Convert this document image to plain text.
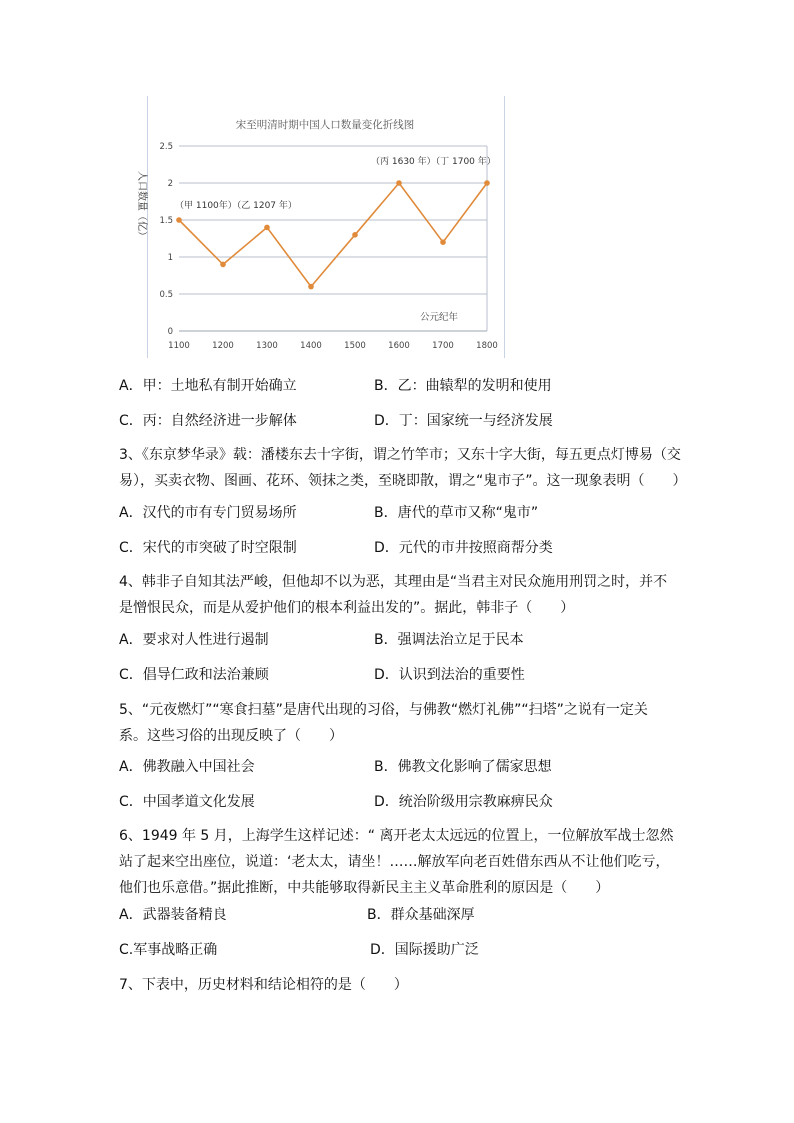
宋至明清时期中国人口数量变化折线图
0
0.5
1
1.5
2
2.5
1100	1200	1300	1400	1500	1600	1700	1800
公元纪年
人口数量（亿）	（甲 1100年）（乙 1207 年）
（丙 1630 年）（丁 1700 年）
A．甲：土地私有制开始确立	B．乙：曲辕犁的发明和使用
C．丙：自然经济进一步解体	D．丁：国家统一与经济发展

3、《东京梦华录》载：潘楼东去十字街，谓之竹竿市；又东十字大街，每五更点灯博易（交

易），买卖衣物、图画、花环、领抹之类，至晓即散，谓之“鬼市子”。这一现象表明（　　）

A．汉代的市有专门贸易场所	B．唐代的草市又称“鬼市”
C．宋代的市突破了时空限制	D．元代的市井按照商帮分类

4、韩非子自知其法严峻，但他却不以为恶，其理由是“当君主对民众施用刑罚之时，并不

是憎恨民众，而是从爱护他们的根本利益出发的”。据此，韩非子（　　）

A．要求对人性进行遏制	B．强调法治立足于民本
C．倡导仁政和法治兼顾	D．认识到法治的重要性

5、“元夜燃灯”“寒食扫墓”是唐代出现的习俗，与佛教“燃灯礼佛”“扫塔”之说有一定关

系。这些习俗的出现反映了（　　）

A．佛教融入中国社会	B．佛教文化影响了儒家思想
C．中国孝道文化发展	D．统治阶级用宗教麻痹民众

6、1949 年 5 月，上海学生这样记述：“ 离开老太太远远的位置上，一位解放军战士忽然

站了起来空出座位，说道：‘老太太，请坐！……解放军向老百姓借东西从不让他们吃亏，

他们也乐意借。”据此推断，中共能够取得新民主主义革命胜利的原因是（　　）

A．武器装备精良	B．群众基础深厚
C.军事战略正确	D．国际援助广泛
7、下表中，历史材料和结论相符的是（　　）
